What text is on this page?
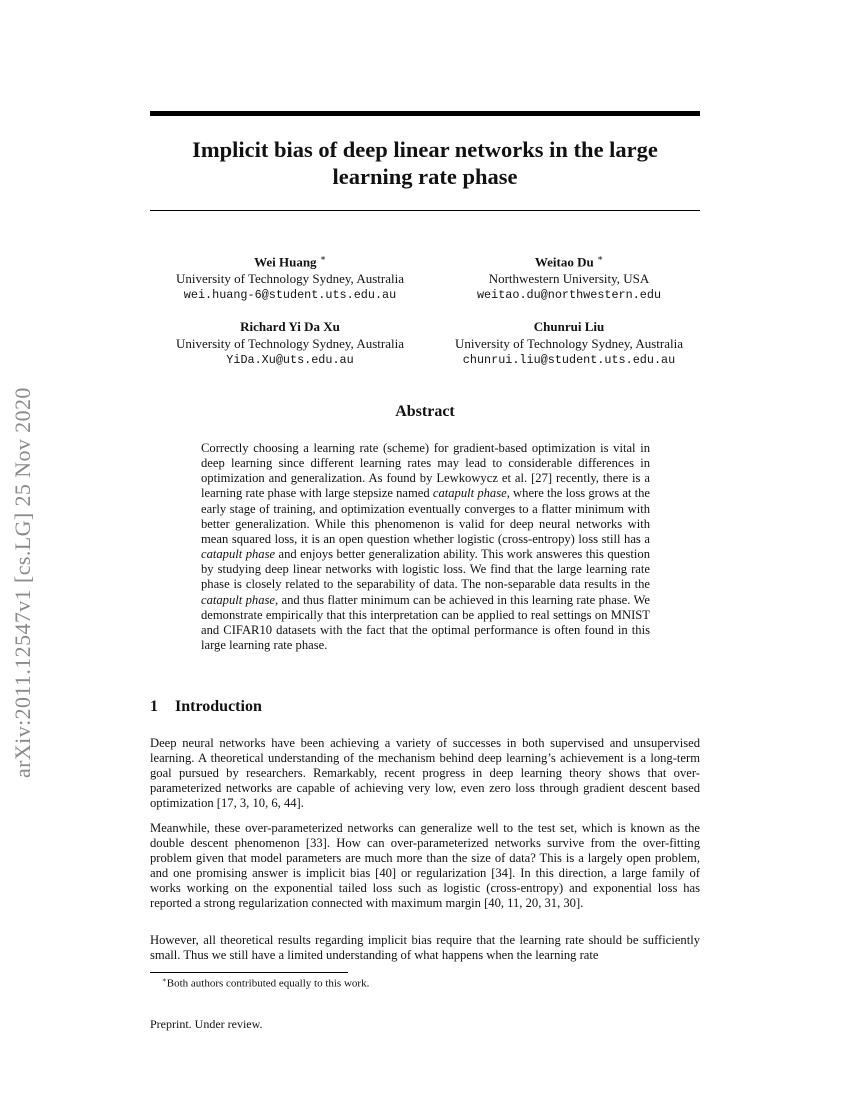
arXiv:2011.12547v1 [cs.LG] 25 Nov 2020
Implicit bias of deep linear networks in the large learning rate phase
Wei Huang ∗
University of Technology Sydney, Australia
wei.huang-6@student.uts.edu.au
Weitao Du ∗
Northwestern University, USA
weitao.du@northwestern.edu
Richard Yi Da Xu
University of Technology Sydney, Australia
YiDa.Xu@uts.edu.au
Chunrui Liu
University of Technology Sydney, Australia
chunrui.liu@student.uts.edu.au
Abstract
Correctly choosing a learning rate (scheme) for gradient-based optimization is vital in deep learning since different learning rates may lead to considerable differences in optimization and generalization. As found by Lewkowycz et al. [27] recently, there is a learning rate phase with large stepsize named catapult phase, where the loss grows at the early stage of training, and optimization eventually converges to a flatter minimum with better generalization. While this phenomenon is valid for deep neural networks with mean squared loss, it is an open question whether logistic (cross-entropy) loss still has a catapult phase and enjoys better generalization ability. This work answeres this question by studying deep linear networks with logistic loss. We find that the large learning rate phase is closely related to the separability of data. The non-separable data results in the catapult phase, and thus flatter minimum can be achieved in this learning rate phase. We demonstrate empirically that this interpretation can be applied to real settings on MNIST and CIFAR10 datasets with the fact that the optimal performance is often found in this large learning rate phase.
1 Introduction
Deep neural networks have been achieving a variety of successes in both supervised and unsupervised learning. A theoretical understanding of the mechanism behind deep learning’s achievement is a long-term goal pursued by researchers. Remarkably, recent progress in deep learning theory shows that over-parameterized networks are capable of achieving very low, even zero loss through gradient descent based optimization [17, 3, 10, 6, 44].
Meanwhile, these over-parameterized networks can generalize well to the test set, which is known as the double descent phenomenon [33]. How can over-parameterized networks survive from the over-fitting problem given that model parameters are much more than the size of data? This is a largely open problem, and one promising answer is implicit bias [40] or regularization [34]. In this direction, a large family of works working on the exponential tailed loss such as logistic (cross-entropy) and exponential loss has reported a strong regularization connected with maximum margin [40, 11, 20, 31, 30].
However, all theoretical results regarding implicit bias require that the learning rate should be sufficiently small. Thus we still have a limited understanding of what happens when the learning rate
∗Both authors contributed equally to this work.
Preprint. Under review.
